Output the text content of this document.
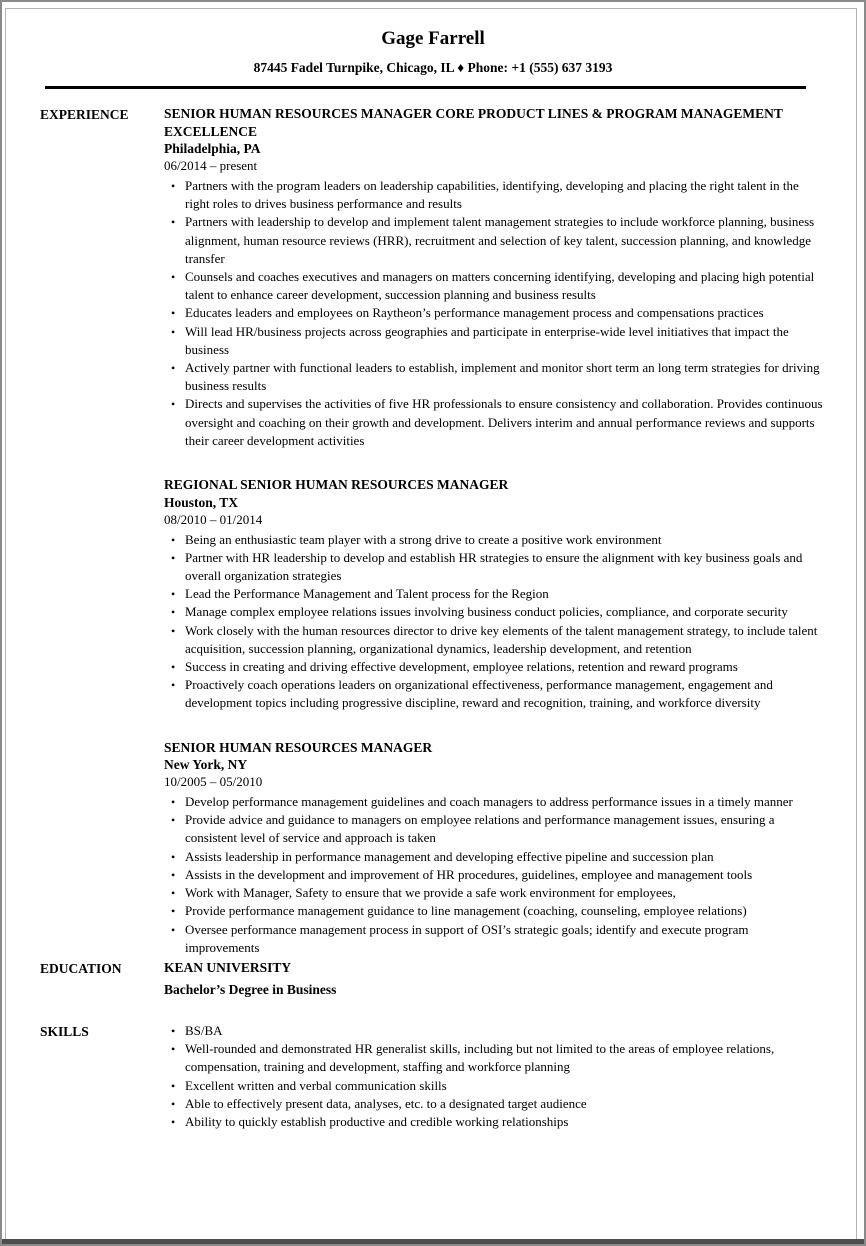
Gage Farrell
87445 Fadel Turnpike, Chicago, IL ♦ Phone: +1 (555) 637 3193
EXPERIENCE	SENIOR HUMAN RESOURCES MANAGER CORE PRODUCT LINES & PROGRAM MANAGEMENT EXCELLENCE
Philadelphia, PA
06/2014 – present
• Partners with the program leaders on leadership capabilities, identifying, developing and placing the right talent in the right roles to drives business performance and results
• Partners with leadership to develop and implement talent management strategies to include workforce planning, business alignment, human resource reviews (HRR), recruitment and selection of key talent, succession planning, and knowledge transfer
• Counsels and coaches executives and managers on matters concerning identifying, developing and placing high potential talent to enhance career development, succession planning and business results
• Educates leaders and employees on Raytheon’s performance management process and compensations practices
• Will lead HR/business projects across geographies and participate in enterprise-wide level initiatives that impact the business
• Actively partner with functional leaders to establish, implement and monitor short term an long term strategies for driving business results
• Directs and supervises the activities of five HR professionals to ensure consistency and collaboration. Provides continuous oversight and coaching on their growth and development. Delivers interim and annual performance reviews and supports their career development activities
REGIONAL SENIOR HUMAN RESOURCES MANAGER
Houston, TX
08/2010 – 01/2014
• Being an enthusiastic team player with a strong drive to create a positive work environment
• Partner with HR leadership to develop and establish HR strategies to ensure the alignment with key business goals and overall organization strategies
• Lead the Performance Management and Talent process for the Region
• Manage complex employee relations issues involving business conduct policies, compliance, and corporate security
• Work closely with the human resources director to drive key elements of the talent management strategy, to include talent acquisition, succession planning, organizational dynamics, leadership development, and retention
• Success in creating and driving effective development, employee relations, retention and reward programs
• Proactively coach operations leaders on organizational effectiveness, performance management, engagement and development topics including progressive discipline, reward and recognition, training, and workforce diversity
SENIOR HUMAN RESOURCES MANAGER
New York, NY
10/2005 – 05/2010
• Develop performance management guidelines and coach managers to address performance issues in a timely manner
• Provide advice and guidance to managers on employee relations and performance management issues, ensuring a consistent level of service and approach is taken
• Assists leadership in performance management and developing effective pipeline and succession plan
• Assists in the development and improvement of HR procedures, guidelines, employee and management tools
• Work with Manager, Safety to ensure that we provide a safe work environment for employees,
• Provide performance management guidance to line management (coaching, counseling, employee relations)
• Oversee performance management process in support of OSI’s strategic goals; identify and execute program improvements
EDUCATION	KEAN UNIVERSITY
Bachelor’s Degree in Business
SKILLS	• BS/BA
• Well-rounded and demonstrated HR generalist skills, including but not limited to the areas of employee relations, compensation, training and development, staffing and workforce planning
• Excellent written and verbal communication skills
• Able to effectively present data, analyses, etc. to a designated target audience
• Ability to quickly establish productive and credible working relationships
